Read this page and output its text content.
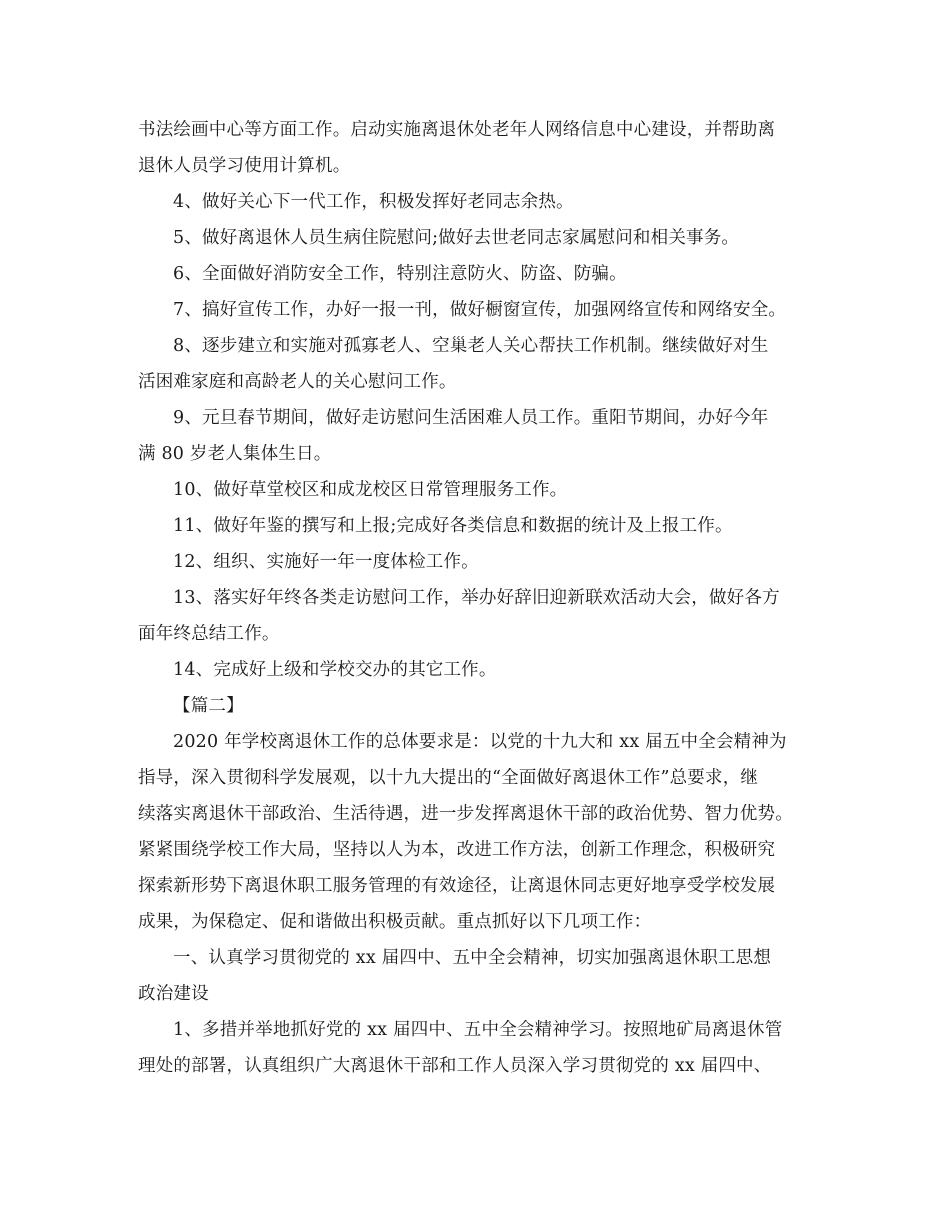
书法绘画中心等方面工作。启动实施离退休处老年人网络信息中心建设，并帮助离
退休人员学习使用计算机。
4、做好关心下一代工作，积极发挥好老同志余热。
5、做好离退休人员生病住院慰问;做好去世老同志家属慰问和相关事务。
6、全面做好消防安全工作，特别注意防火、防盗、防骗。
7、搞好宣传工作，办好一报一刊，做好橱窗宣传，加强网络宣传和网络安全。
8、逐步建立和实施对孤寡老人、空巢老人关心帮扶工作机制。继续做好对生
活困难家庭和高龄老人的关心慰问工作。
9、元旦春节期间，做好走访慰问生活困难人员工作。重阳节期间，办好今年
满 80 岁老人集体生日。
10、做好草堂校区和成龙校区日常管理服务工作。
11、做好年鉴的撰写和上报;完成好各类信息和数据的统计及上报工作。
12、组织、实施好一年一度体检工作。
13、落实好年终各类走访慰问工作，举办好辞旧迎新联欢活动大会，做好各方
面年终总结工作。
14、完成好上级和学校交办的其它工作。
【篇二】
2020 年学校离退休工作的总体要求是：以党的十九大和 xx 届五中全会精神为
指导，深入贯彻科学发展观，以十九大提出的“全面做好离退休工作”总要求，继
续落实离退休干部政治、生活待遇，进一步发挥离退休干部的政治优势、智力优势。
紧紧围绕学校工作大局，坚持以人为本，改进工作方法，创新工作理念，积极研究
探索新形势下离退休职工服务管理的有效途径，让离退休同志更好地享受学校发展
成果，为保稳定、促和谐做出积极贡献。重点抓好以下几项工作：
一、认真学习贯彻党的 xx 届四中、五中全会精神，切实加强离退休职工思想
政治建设
1、多措并举地抓好党的 xx 届四中、五中全会精神学习。按照地矿局离退休管
理处的部署，认真组织广大离退休干部和工作人员深入学习贯彻党的 xx 届四中、
